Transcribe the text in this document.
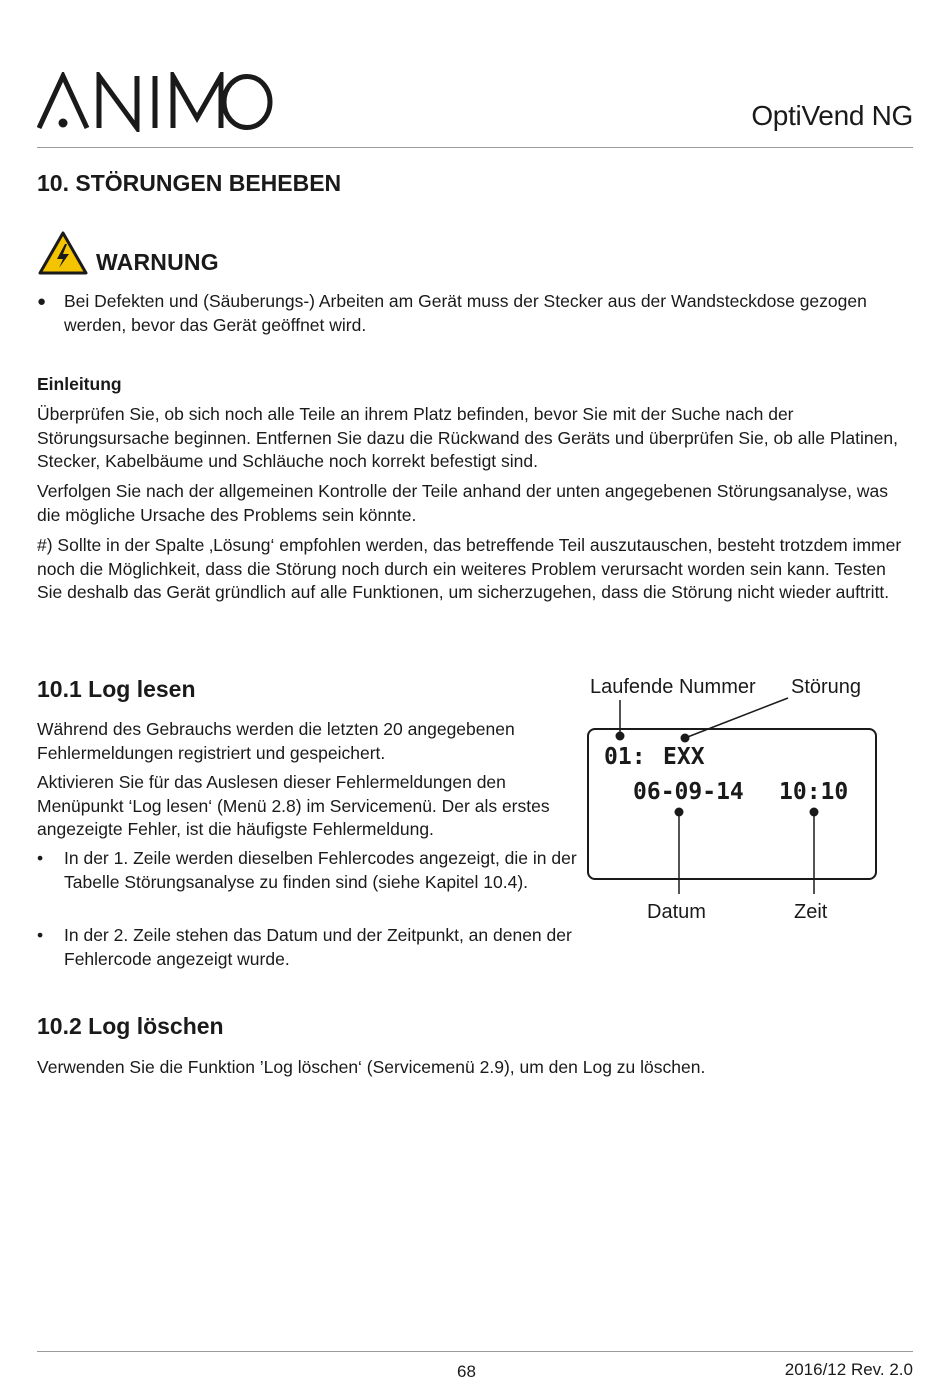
OptiVend NG
10. STÖRUNGEN BEHEBEN
WARNUNG
● Bei Defekten und (Säuberungs-) Arbeiten am Gerät muss der Stecker aus der Wandsteckdose gezogen werden, bevor das Gerät geöffnet wird.
Einleitung

Überprüfen Sie, ob sich noch alle Teile an ihrem Platz befinden, bevor Sie mit der Suche nach der Störungsursache beginnen. Entfernen Sie dazu die Rückwand des Geräts und überprüfen Sie, ob alle Platinen, Stecker, Kabelbäume und Schläuche noch korrekt befestigt sind.

Verfolgen Sie nach der allgemeinen Kontrolle der Teile anhand der unten angegebenen Störungsanalyse, was die mögliche Ursache des Problems sein könnte.

#) Sollte in der Spalte ‚Lösung‘ empfohlen werden, das betreffende Teil auszutauschen, besteht trotzdem immer noch die Möglichkeit, dass die Störung noch durch ein weiteres Problem verursacht worden sein kann. Testen Sie deshalb das Gerät gründlich auf alle Funktionen, um sicherzugehen, dass die Störung nicht wieder auftritt.

10.1 Log lesen

Während des Gebrauchs werden die letzten 20 angegebenen Fehlermeldungen registriert und gespeichert.

Aktivieren Sie für das Auslesen dieser Fehlermeldungen den Menüpunkt ‘Log lesen‘ (Menü 2.8) im Servicemenü. Der als erstes angezeigte Fehler, ist die häufigste Fehlermeldung.

• In der 1. Zeile werden dieselben Fehlercodes angezeigt, die in der Tabelle Störungsanalyse zu finden sind (siehe Kapitel 10.4).
• In der 2. Zeile stehen das Datum und der Zeitpunkt, an denen der Fehlercode angezeigt wurde.
Laufende Nummer Störung
01: EXX
06-09-14 10:10
Datum	Zeit
10.2 Log löschen

Verwenden Sie die Funktion ’Log löschen‘ (Servicemenü 2.9), um den Log zu löschen.

68	2016/12 Rev. 2.0
